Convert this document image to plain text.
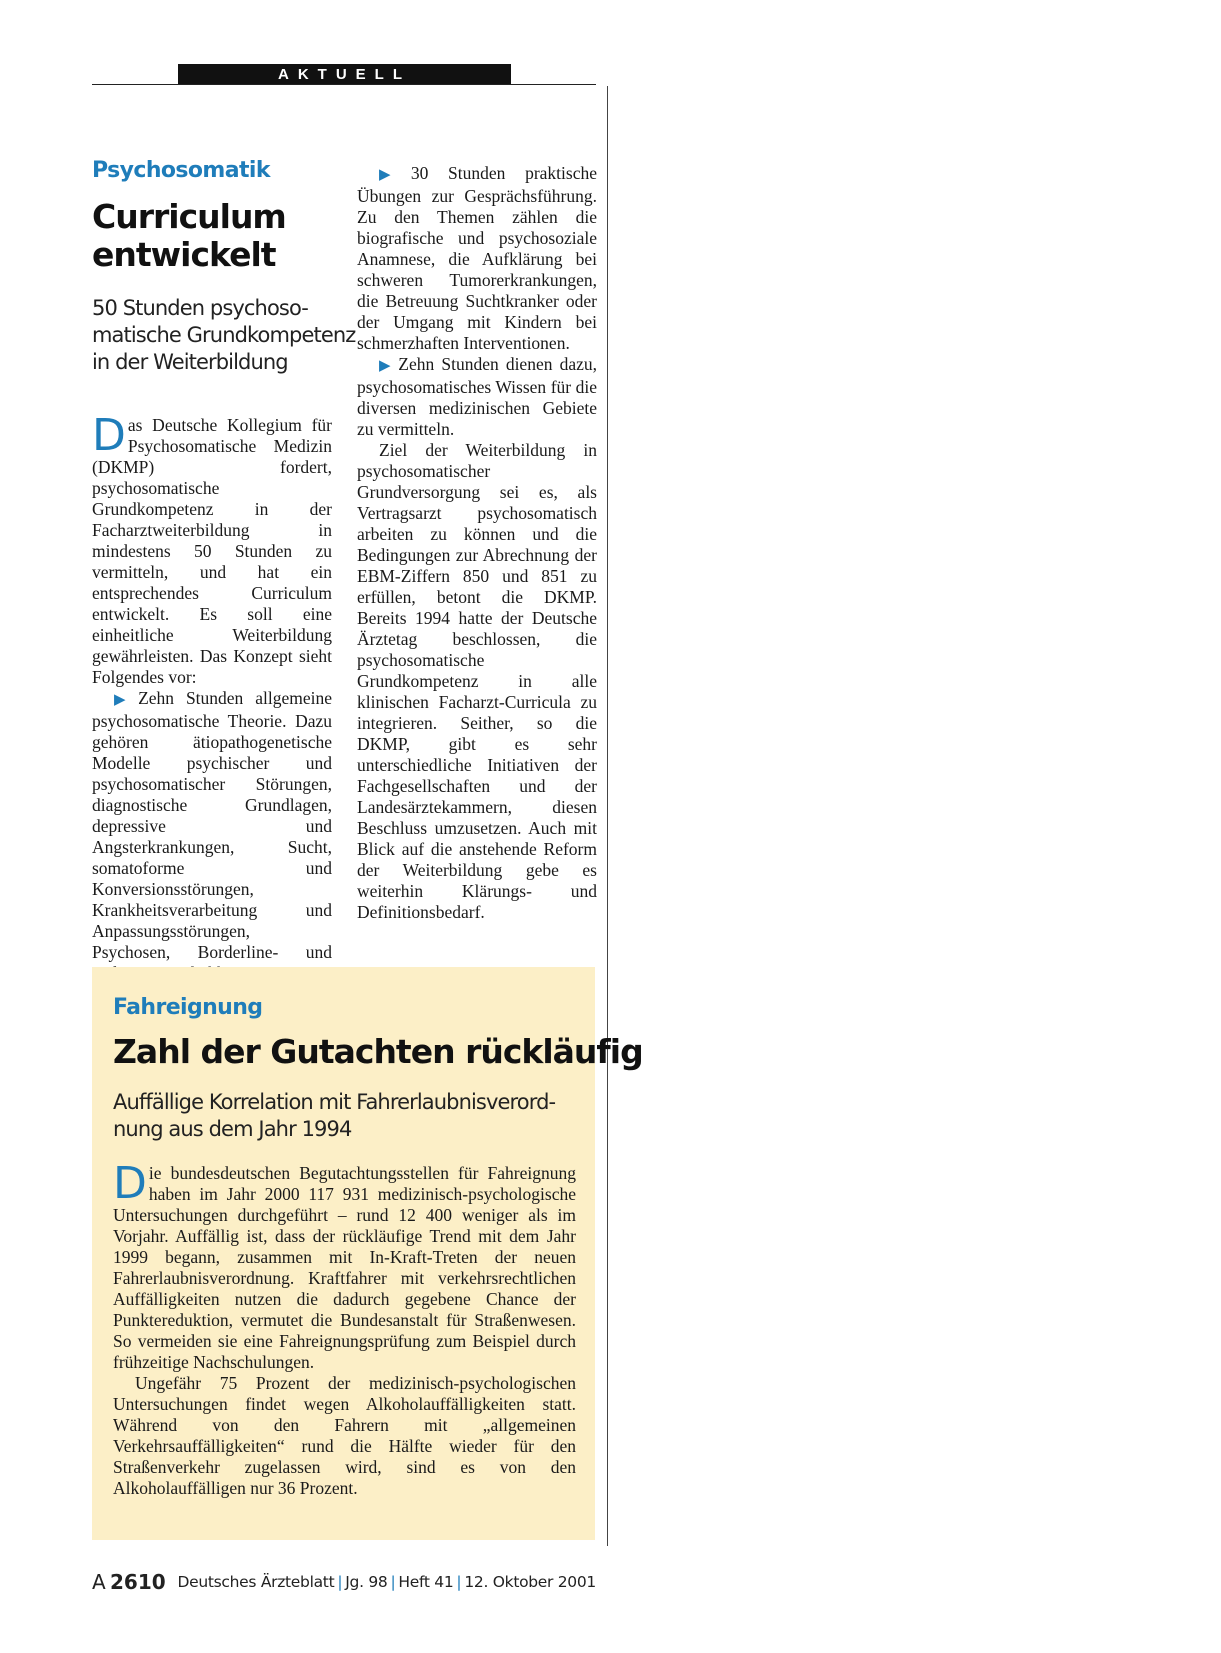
AKTUELL
Psychosomatik
Curriculum
entwickelt
50 Stunden psychoso-
matische Grundkompetenz
in der Weiterbildung

Das Deutsche Kollegium für Psychosomatische Medizin (DKMP) fordert, psychosomatische Grundkompetenz in der Facharztweiterbildung in mindestens 50 Stunden zu vermitteln, und hat ein entsprechendes Curriculum entwickelt. Es soll eine einheitliche Weiterbildung gewährleisten. Das Konzept sieht Folgendes vor:

▶ Zehn Stunden allgemeine psychosomatische Theorie. Dazu gehören ätiopathogenetische Modelle psychischer und psychosomatischer Störungen, diagnostische Grundlagen, depressive und Angsterkrankungen, Sucht, somatoforme und Konversionsstörungen, Krankheitsverarbeitung und Anpassungsstörungen, Psychosen, Borderline- und

▶ 30 Stunden praktische Übungen zur Gesprächsführung. Zu den Themen zählen die biografische und psychosoziale Anamnese, die Aufklärung bei schweren Tumorerkrankungen, die Betreuung Suchtkranker oder der Umgang mit Kindern bei schmerzhaften Interventionen.

▶ Zehn Stunden dienen dazu, psychosomatisches Wissen für die diversen medizinischen Gebiete zu vermitteln.

Ziel der Weiterbildung in psychosomatischer Grundversorgung sei es, als Vertragsarzt psychosomatisch arbeiten zu können und die Bedingungen zur Abrechnung der EBM-Ziffern 850 und 851 zu erfüllen, betont die DKMP. Bereits 1994 hatte der Deutsche Ärztetag beschlossen, die psychosomatische Grundkompetenz in alle klinischen Facharzt-Curricula zu integrieren. Seither, so die DKMP, gibt es sehr unterschiedliche Initiativen der Fachgesellschaften und der Landesärztekammern, diesen Beschluss umzusetzen. Auch mit Blick auf die anstehende Reform der Weiterbildung gebe es weiterhin Klärungs- und Definitionsbedarf.

Fahreignung
Zahl der Gutachten rückläufig
Auffällige Korrelation mit Fahrerlaubnisverord-
nung aus dem Jahr 1994

Die bundesdeutschen Begutachtungsstellen für Fahreignung haben im Jahr 2000 117 931 medizinisch-psychologische Untersuchungen durchgeführt – rund 12 400 weniger als im Vorjahr. Auffällig ist, dass der rückläufige Trend mit dem Jahr 1999 begann, zusammen mit In-Kraft-Treten der neuen Fahrerlaubnisverordnung. Kraftfahrer mit verkehrsrechtlichen Auffälligkeiten nutzen die dadurch gegebene Chance der Punktereduktion, vermutet die Bundesanstalt für Straßenwesen. So vermeiden sie eine Fahreignungsprüfung zum Beispiel durch frühzeitige Nachschulungen.

Ungefähr 75 Prozent der medizinisch-psychologischen Untersuchungen findet wegen Alkoholauffälligkeiten statt. Während von den Fahrern mit „allgemeinen Verkehrsauffälligkeiten“ rund die Hälfte wieder für den Straßenverkehr zugelassen wird, sind es von den Alkoholauffälligen nur 36 Prozent.

A 2610 Deutsches Ärzteblatt | Jg. 98 | Heft 41 | 12. Oktober 2001
